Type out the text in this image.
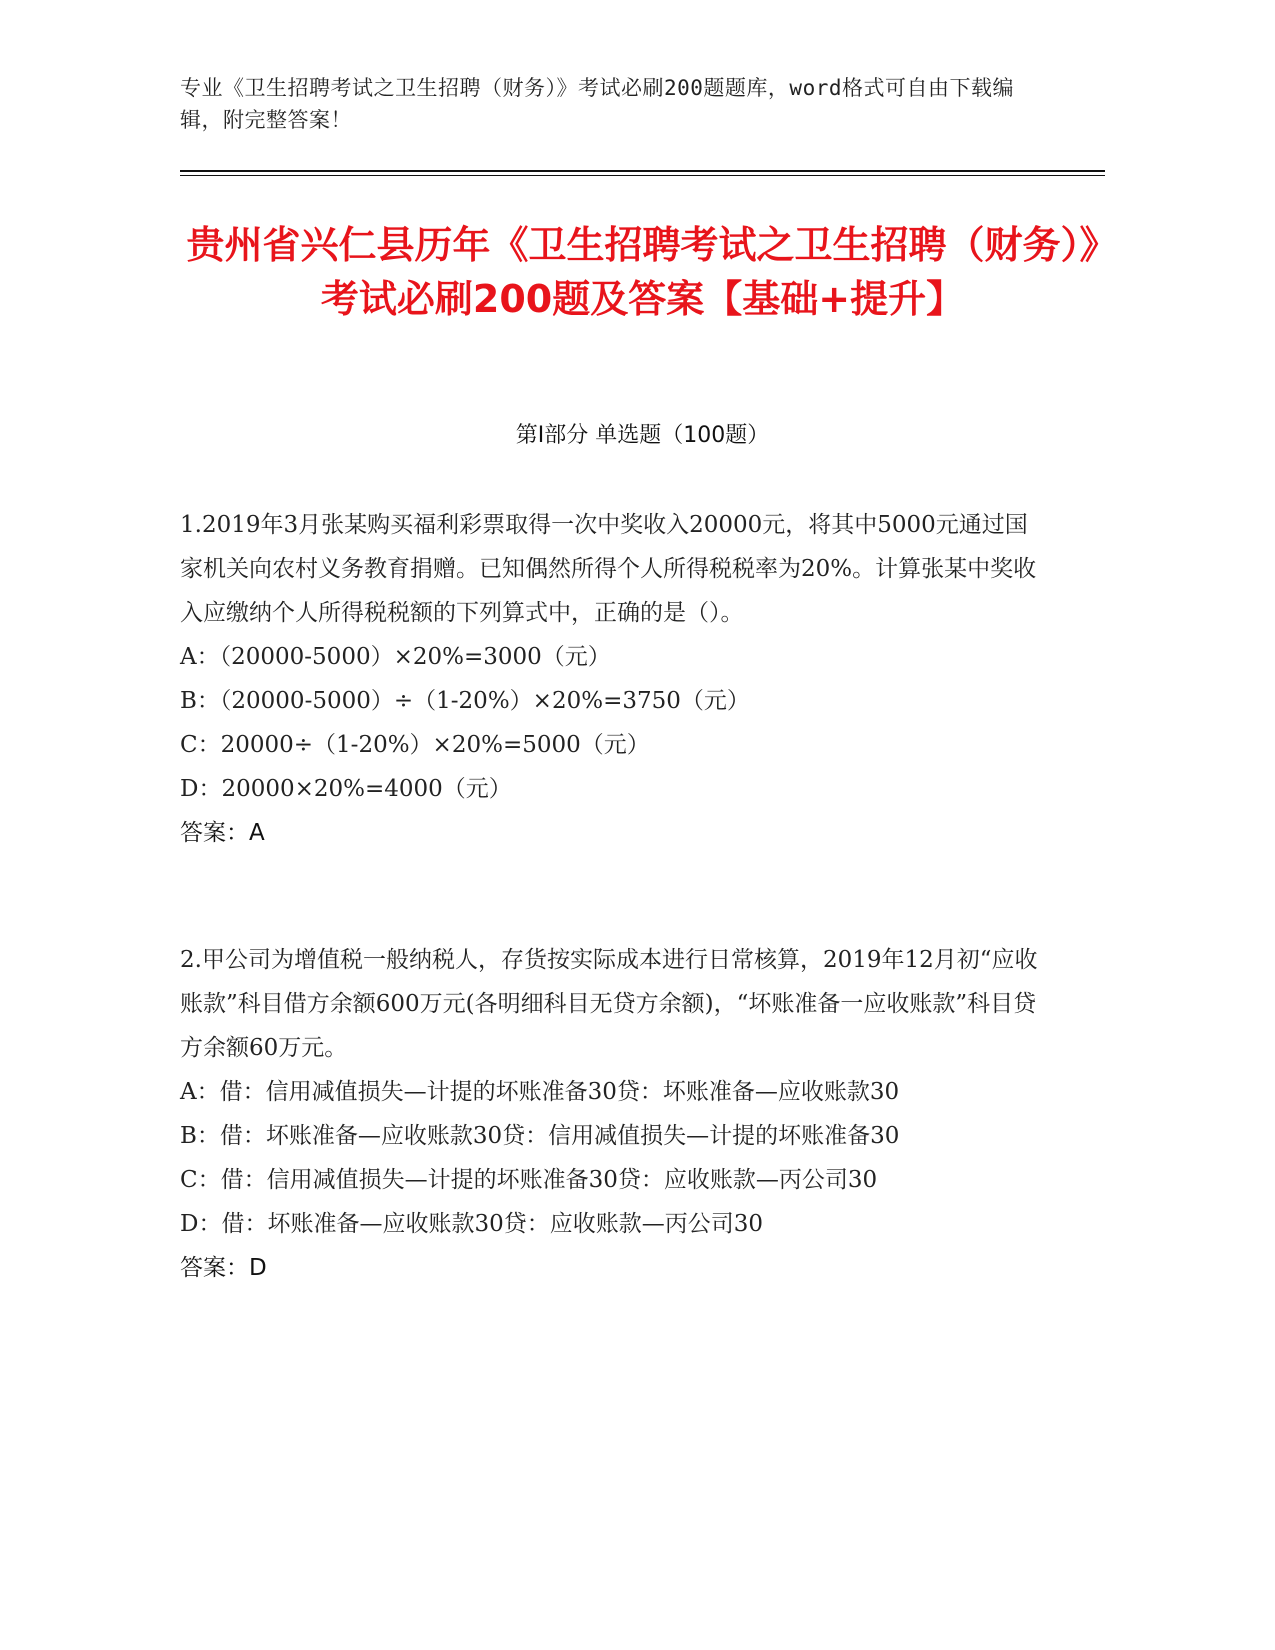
专业《卫生招聘考试之卫生招聘（财务）》考试必刷200题题库，word格式可自由下载编辑，附完整答案！
贵州省兴仁县历年《卫生招聘考试之卫生招聘（财务）》考试必刷200题及答案【基础+提升】
第I部分 单选题（100题）

1.2019年3月张某购买福利彩票取得一次中奖收入20000元，将其中5000元通过国家机关向农村义务教育捐赠。已知偶然所得个人所得税税率为20%。计算张某中奖收入应缴纳个人所得税税额的下列算式中，正确的是（）。

A：（20000-5000）×20%=3000（元）

B：（20000-5000）÷（1-20%）×20%=3750（元）

C：20000÷（1-20%）×20%=5000（元）

D：20000×20%=4000（元）

答案：A

2.甲公司为增值税一般纳税人，存货按实际成本进行日常核算，2019年12月初“应收账款”科目借方余额600万元(各明细科目无贷方余额)，“坏账准备一应收账款”科目贷方余额60万元。

A：借：信用减值损失—计提的坏账准备30贷：坏账准备—应收账款30

B：借：坏账准备—应收账款30贷：信用减值损失—计提的坏账准备30

C：借：信用减值损失—计提的坏账准备30贷：应收账款—丙公司30

D：借：坏账准备—应收账款30贷：应收账款—丙公司30

答案：D
